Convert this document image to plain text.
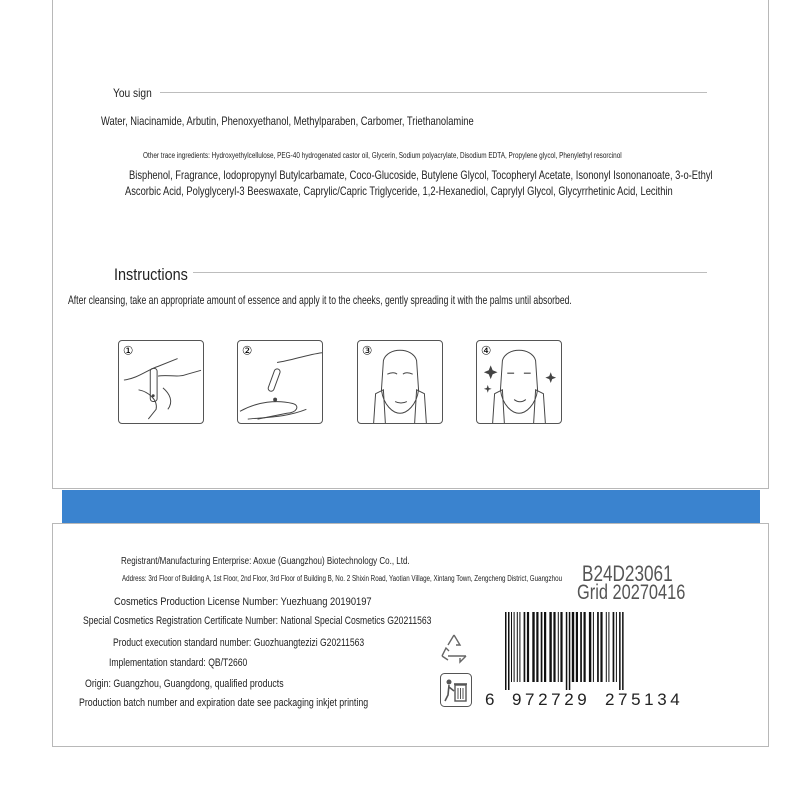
You sign
Water, Niacinamide, Arbutin, Phenoxyethanol, Methylparaben, Carbomer, Triethanolamine
Other trace ingredients: Hydroxyethylcellulose, PEG-40 hydrogenated castor oil, Glycerin, Sodium polyacrylate, Disodium EDTA, Propylene glycol, Phenylethyl resorcinol
Bisphenol, Fragrance, Iodopropynyl Butylcarbamate, Coco-Glucoside, Butylene Glycol, Tocopheryl Acetate, Isononyl Isononanoate, 3-o-Ethyl
Ascorbic Acid, Polyglyceryl-3 Beeswaxate, Caprylic/Capric Triglyceride, 1,2-Hexanediol, Caprylyl Glycol, Glycyrrhetinic Acid, Lecithin
Instructions
After cleansing, take an appropriate amount of essence and apply it to the cheeks, gently spreading it with the palms until absorbed.
①	②	③	④
Registrant/Manufacturing Enterprise: Aoxue (Guangzhou) Biotechnology Co., Ltd.
Address: 3rd Floor of Building A, 1st Floor, 2nd Floor, 3rd Floor of Building B, No. 2 Shixin Road, Yaotian Village, Xintang Town, Zengcheng District, Guangzhou
Cosmetics Production License Number: Yuezhuang 20190197
Special Cosmetics Registration Certificate Number: National Special Cosmetics G20211563
Product execution standard number: Guozhuangtezizi G20211563
Implementation standard: QB/T2660
Origin: Guangzhou, Guangdong, qualified products
Production batch number and expiration date see packaging inkjet printing
B24D23061
Grid 20270416
6 972729 275134
